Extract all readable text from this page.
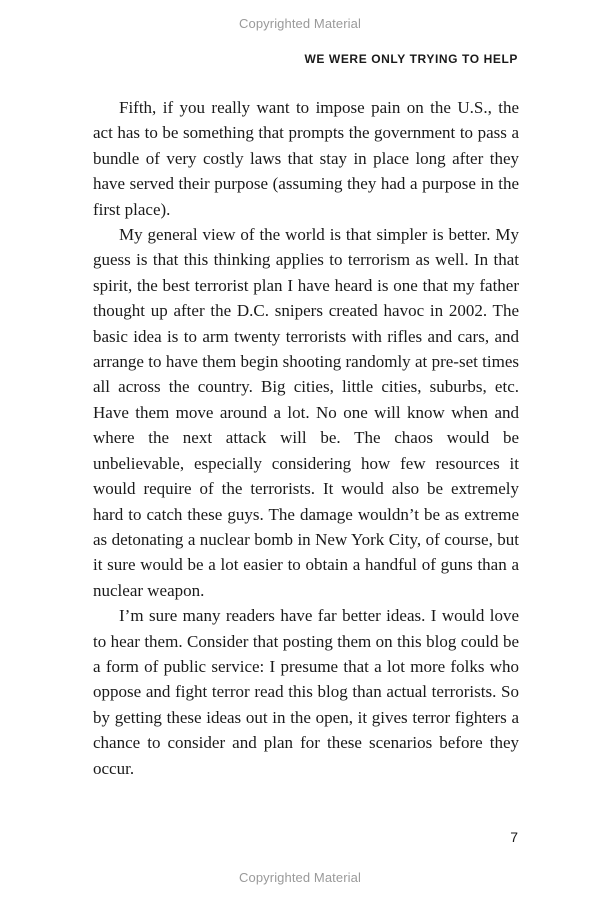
Copyrighted Material
WE WERE ONLY TRYING TO HELP

Fifth, if you really want to impose pain on the U.S., the act has to be something that prompts the government to pass a bundle of very costly laws that stay in place long after they have served their purpose (assuming they had a purpose in the first place).

My general view of the world is that simpler is better. My guess is that this thinking applies to terrorism as well. In that spirit, the best terrorist plan I have heard is one that my father thought up after the D.C. snipers created havoc in 2002. The basic idea is to arm twenty terrorists with rifles and cars, and arrange to have them begin shooting randomly at pre-set times all across the country. Big cities, little cities, suburbs, etc. Have them move around a lot. No one will know when and where the next attack will be. The chaos would be unbelievable, especially considering how few resources it would require of the terrorists. It would also be extremely hard to catch these guys. The damage wouldn’t be as extreme as detonating a nuclear bomb in New York City, of course, but it sure would be a lot easier to obtain a handful of guns than a nuclear weapon.

I’m sure many readers have far better ideas. I would love to hear them. Consider that posting them on this blog could be a form of public service: I presume that a lot more folks who oppose and fight terror read this blog than actual terrorists. So by getting these ideas out in the open, it gives terror fighters a chance to consider and plan for these scenarios before they occur.

7
Copyrighted Material
